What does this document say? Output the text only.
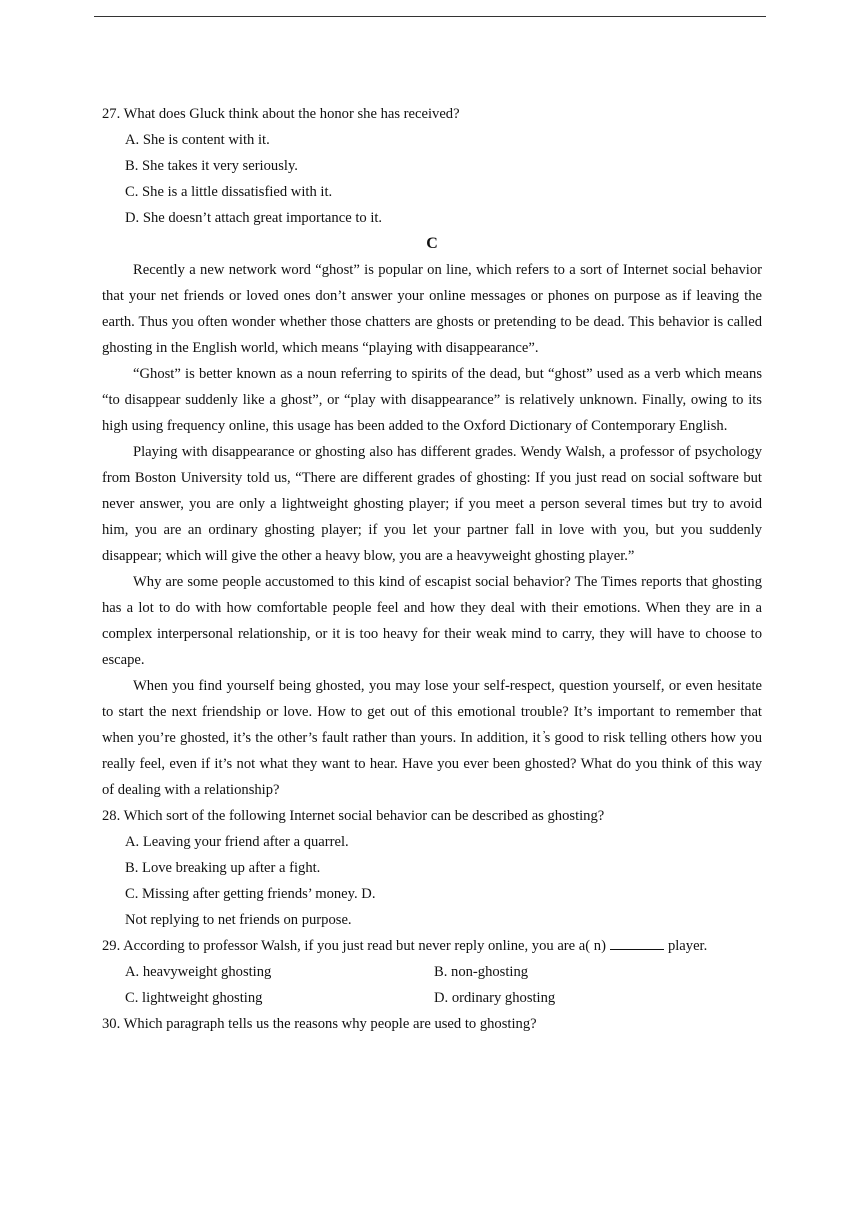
27. What does Gluck think about the honor she has received?

A. She is content with it.

B. She takes it very seriously.

C. She is a little dissatisfied with it.

D. She doesn’t attach great importance to it.

C

Recently a new network word “ghost” is popular on line, which refers to a sort of Internet social behavior that your net friends or loved ones don’t answer your online messages or phones on purpose as if leaving the earth. Thus you often wonder whether those chatters are ghosts or pretending to be dead. This behavior is called ghosting in the English world, which means “playing with disappearance”.

“Ghost” is better known as a noun referring to spirits of the dead, but “ghost” used as a verb which means “to disappear suddenly like a ghost”, or “play with disappearance” is relatively unknown. Finally, owing to its high using frequency online, this usage has been added to the Oxford Dictionary of Contemporary English.

Playing with disappearance or ghosting also has different grades. Wendy Walsh, a professor of psychology from Boston University told us, “There are different grades of ghosting: If you just read on social software but never answer, you are only a lightweight ghosting player; if you meet a person several times but try to avoid him, you are an ordinary ghosting player; if you let your partner fall in love with you, but you suddenly disappear; which will give the other a heavy blow, you are a heavyweight ghosting player.”

Why are some people accustomed to this kind of escapist social behavior? The Times reports that ghosting has a lot to do with how comfortable people feel and how they deal with their emotions. When they are in a complex interpersonal relationship, or it is too heavy for their weak mind to carry, they will have to choose to escape.

When you find yourself being ghosted, you may lose your self-respect, question yourself, or even hesitate to start the next friendship or love. How to get out of this emotional trouble? It’s important to remember that when you’re ghosted, it’s the other’s fault rather than yours. In addition, it ̓s good to risk telling others how you really feel, even if it’s not what they want to hear. Have you ever been ghosted? What do you think of this way of dealing with a relationship?

28. Which sort of the following Internet social behavior can be described as ghosting?

A. Leaving your friend after a quarrel.

B. Love breaking up after a fight.

C. Missing after getting friends’ money. D.

Not replying to net friends on purpose.

29. According to professor Walsh, if you just read but never reply online, you are a( n)	player.

A. heavyweight ghosting	B. non-ghosting
C. lightweight ghosting	D. ordinary ghosting

30. Which paragraph tells us the reasons why people are used to ghosting?
